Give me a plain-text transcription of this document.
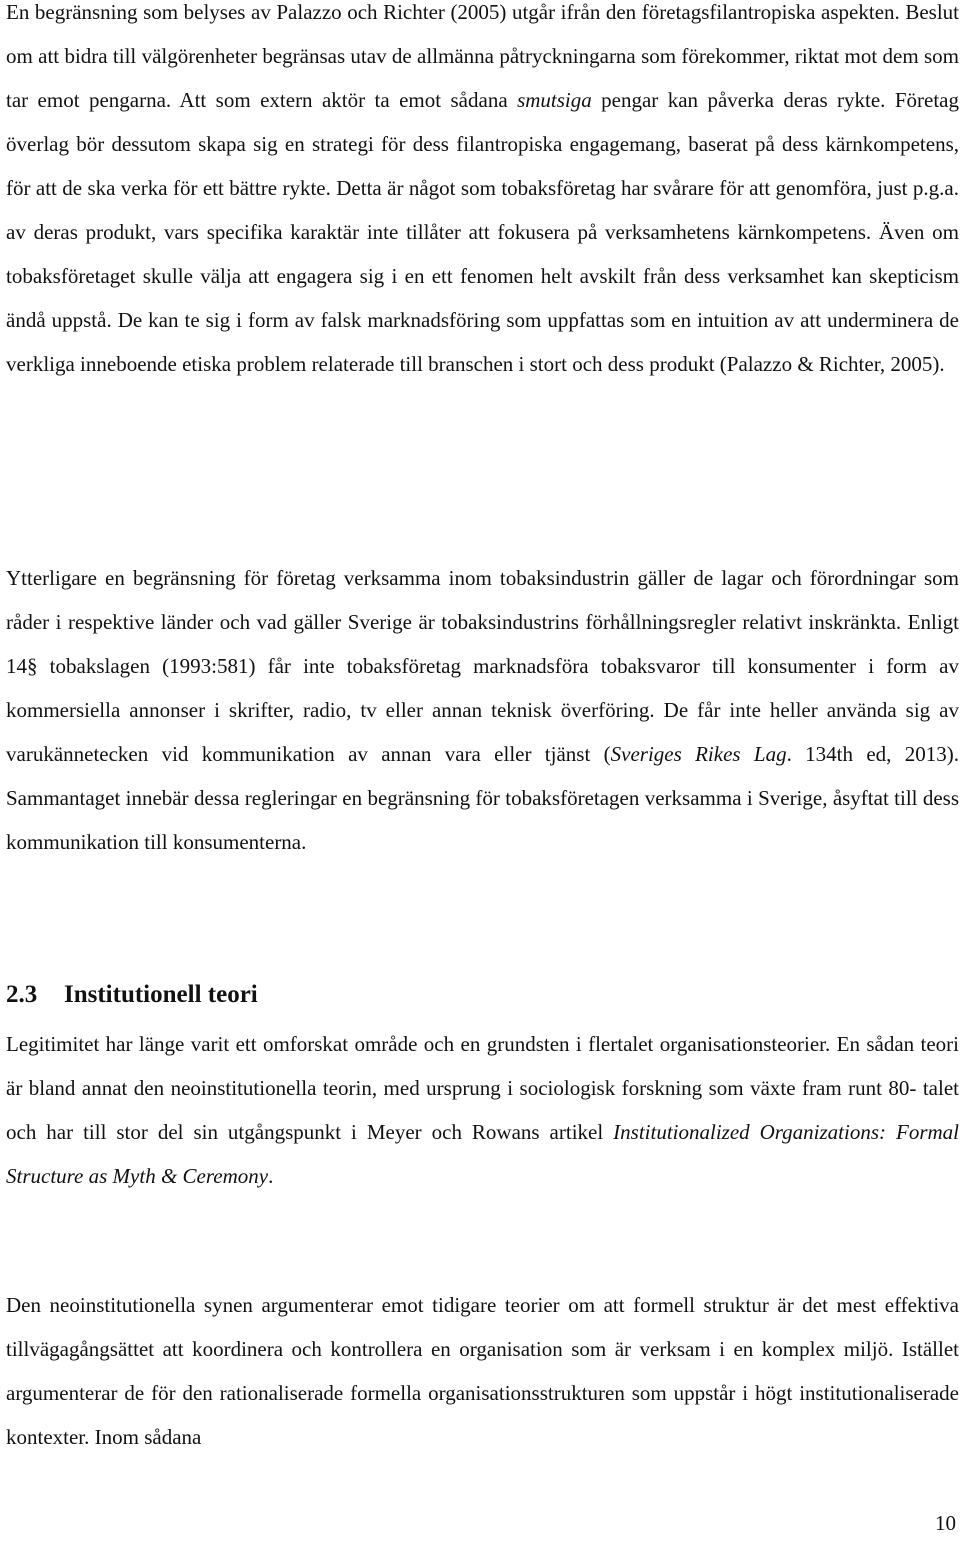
En begränsning som belyses av Palazzo och Richter (2005) utgår ifrån den företagsfilantropiska aspekten. Beslut om att bidra till välgörenheter begränsas utav de allmänna påtryckningarna som förekommer, riktat mot dem som tar emot pengarna. Att som extern aktör ta emot sådana smutsiga pengar kan påverka deras rykte. Företag överlag bör dessutom skapa sig en strategi för dess filantropiska engagemang, baserat på dess kärnkompetens, för att de ska verka för ett bättre rykte. Detta är något som tobaksföretag har svårare för att genomföra, just p.g.a. av deras produkt, vars specifika karaktär inte tillåter att fokusera på verksamhetens kärnkompetens. Även om tobaksföretaget skulle välja att engagera sig i en ett fenomen helt avskilt från dess verksamhet kan skepticism ändå uppstå. De kan te sig i form av falsk marknadsföring som uppfattas som en intuition av att underminera de verkliga inneboende etiska problem relaterade till branschen i stort och dess produkt (Palazzo & Richter, 2005).

Ytterligare en begränsning för företag verksamma inom tobaksindustrin gäller de lagar och förordningar som råder i respektive länder och vad gäller Sverige är tobaksindustrins förhållningsregler relativt inskränkta. Enligt 14§ tobakslagen (1993:581) får inte tobaksföretag marknadsföra tobaksvaror till konsumenter i form av kommersiella annonser i skrifter, radio, tv eller annan teknisk överföring. De får inte heller använda sig av varukännetecken vid kommunikation av annan vara eller tjänst (Sveriges Rikes Lag. 134th ed, 2013). Sammantaget innebär dessa regleringar en begränsning för tobaksföretagen verksamma i Sverige, åsyftat till dess kommunikation till konsumenterna.

2.3 Institutionell teori

Legitimitet har länge varit ett omforskat område och en grundsten i flertalet organisationsteorier. En sådan teori är bland annat den neoinstitutionella teorin, med ursprung i sociologisk forskning som växte fram runt 80- talet och har till stor del sin utgångspunkt i Meyer och Rowans artikel Institutionalized Organizations: Formal Structure as Myth & Ceremony.

Den neoinstitutionella synen argumenterar emot tidigare teorier om att formell struktur är det mest effektiva tillvägagångsättet att koordinera och kontrollera en organisation som är verksam i en komplex miljö. Istället argumenterar de för den rationaliserade formella organisationsstrukturen som uppstår i högt institutionaliserade kontexter. Inom sådana

10
